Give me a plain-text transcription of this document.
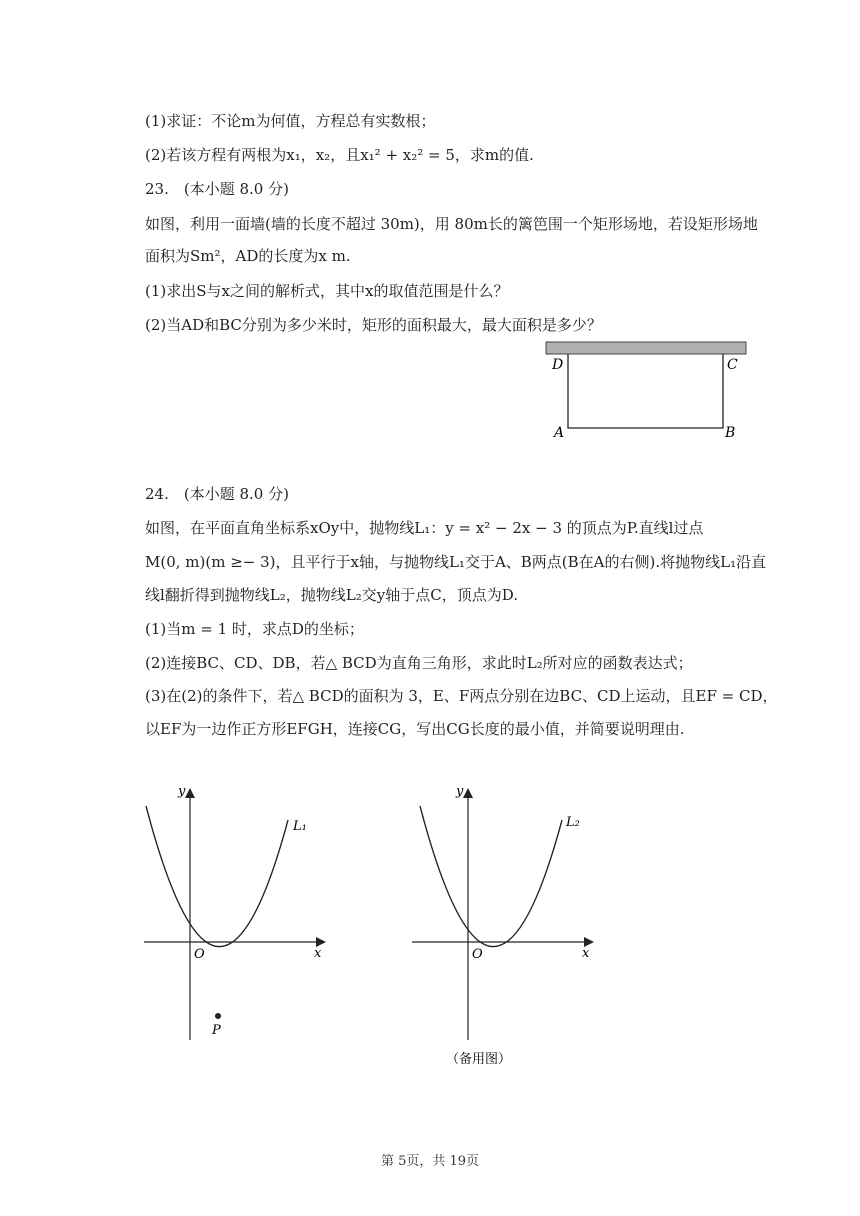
(1)求证：不论m为何值，方程总有实数根；
(2)若该方程有两根为x₁，x₂，且x₁² + x₂² = 5，求m的值.
23.　(本小题 8.0 分)
如图，利用一面墙(墙的长度不超过 30m)，用 80m长的篱笆围一个矩形场地，若设矩形场地
面积为Sm²，AD的长度为x m.
(1)求出S与x之间的解析式，其中x的取值范围是什么？
(2)当AD和BC分别为多少米时，矩形的面积最大，最大面积是多少？
D	C
A	B
24.　(本小题 8.0 分)
如图，在平面直角坐标系xOy中，抛物线L₁：y = x² − 2x − 3 的顶点为P.直线l过点
M(0, m)(m ≥− 3)，且平行于x轴，与抛物线L₁交于A、B两点(B在A的右侧).将抛物线L₁沿直
线l翻折得到抛物线L₂，抛物线L₂交y轴于点C，顶点为D.
(1)当m = 1 时，求点D的坐标；
(2)连接BC、CD、DB，若△ BCD为直角三角形，求此时L₂所对应的函数表达式；
(3)在(2)的条件下，若△ BCD的面积为 3，E、F两点分别在边BC、CD上运动，且EF = CD，
以EF为一边作正方形EFGH，连接CG，写出CG长度的最小值，并简要说明理由.
y
x
O
L₁
P
y
x
O
L₂
（备用图）
第 5页，共 19页
